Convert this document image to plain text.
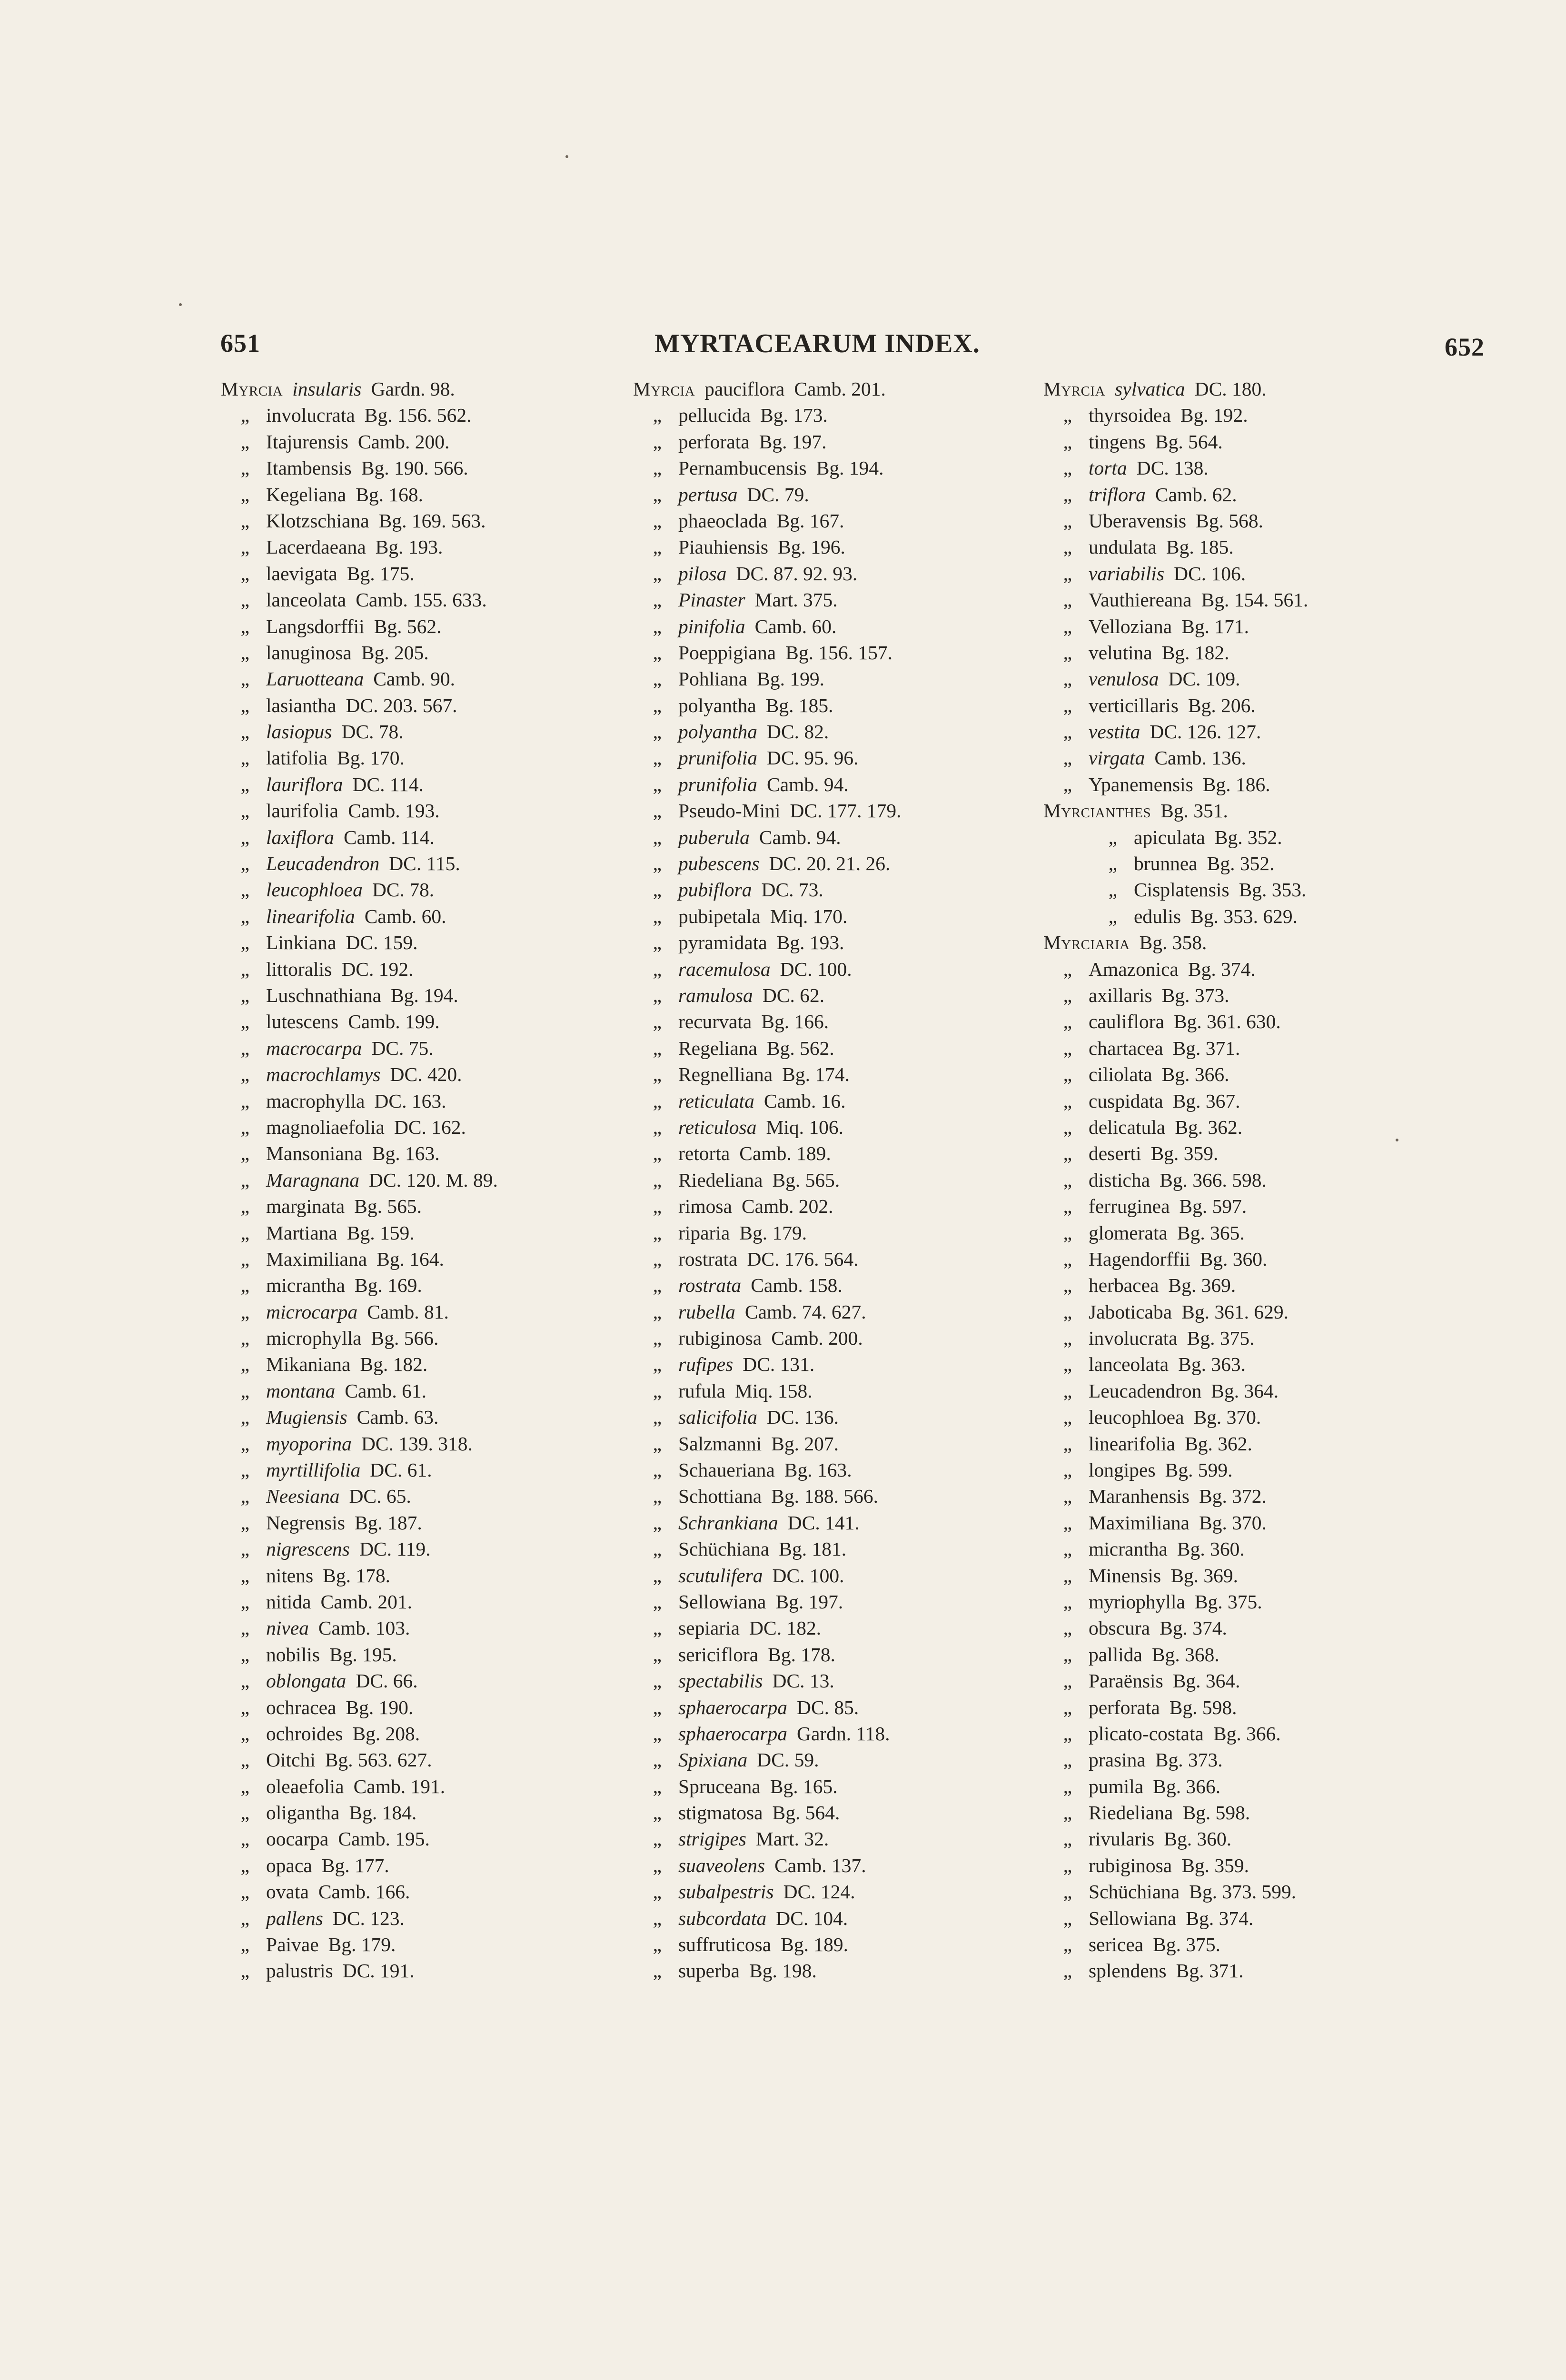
651	MYRTACEARUM INDEX.	652
Myrcia insularis Gardn. 98.
„ involucrata Bg. 156. 562.
„ Itajurensis Camb. 200.
„ Itambensis Bg. 190. 566.
„ Kegeliana Bg. 168.
„ Klotzschiana Bg. 169. 563.
„ Lacerdaeana Bg. 193.
„ laevigata Bg. 175.
„ lanceolata Camb. 155. 633.
„ Langsdorffii Bg. 562.
„ lanuginosa Bg. 205.
„ Laruotteana Camb. 90.
„ lasiantha DC. 203. 567.
„ lasiopus DC. 78.
„ latifolia Bg. 170.
„ lauriflora DC. 114.
„ laurifolia Camb. 193.
„ laxiflora Camb. 114.
„ Leucadendron DC. 115.
„ leucophloea DC. 78.
„ linearifolia Camb. 60.
„ Linkiana DC. 159.
„ littoralis DC. 192.
„ Luschnathiana Bg. 194.
„ lutescens Camb. 199.
„ macrocarpa DC. 75.
„ macrochlamys DC. 420.
„ macrophylla DC. 163.
„ magnoliaefolia DC. 162.
„ Mansoniana Bg. 163.
„ Maragnana DC. 120. M. 89.
„ marginata Bg. 565.
„ Martiana Bg. 159.
„ Maximiliana Bg. 164.
„ micrantha Bg. 169.
„ microcarpa Camb. 81.
„ microphylla Bg. 566.
„ Mikaniana Bg. 182.
„ montana Camb. 61.
„ Mugiensis Camb. 63.
„ myoporina DC. 139. 318.
„ myrtillifolia DC. 61.
„ Neesiana DC. 65.
„ Negrensis Bg. 187.
„ nigrescens DC. 119.
„ nitens Bg. 178.
„ nitida Camb. 201.
„ nivea Camb. 103.
„ nobilis Bg. 195.
„ oblongata DC. 66.
„ ochracea Bg. 190.
„ ochroides Bg. 208.
„ Oitchi Bg. 563. 627.
„ oleaefolia Camb. 191.
„ oligantha Bg. 184.
„ oocarpa Camb. 195.
„ opaca Bg. 177.
„ ovata Camb. 166.
„ pallens DC. 123.
„ Paivae Bg. 179.
„ palustris DC. 191.
Myrcia pauciflora Camb. 201.
„ pellucida Bg. 173.
„ perforata Bg. 197.
„ Pernambucensis Bg. 194.
„ pertusa DC. 79.
„ phaeoclada Bg. 167.
„ Piauhiensis Bg. 196.
„ pilosa DC. 87. 92. 93.
„ Pinaster Mart. 375.
„ pinifolia Camb. 60.
„ Poeppigiana Bg. 156. 157.
„ Pohliana Bg. 199.
„ polyantha Bg. 185.
„ polyantha DC. 82.
„ prunifolia DC. 95. 96.
„ prunifolia Camb. 94.
„ Pseudo-Mini DC. 177. 179.
„ puberula Camb. 94.
„ pubescens DC. 20. 21. 26.
„ pubiflora DC. 73.
„ pubipetala Miq. 170.
„ pyramidata Bg. 193.
„ racemulosa DC. 100.
„ ramulosa DC. 62.
„ recurvata Bg. 166.
„ Regeliana Bg. 562.
„ Regnelliana Bg. 174.
„ reticulata Camb. 16.
„ reticulosa Miq. 106.
„ retorta Camb. 189.
„ Riedeliana Bg. 565.
„ rimosa Camb. 202.
„ riparia Bg. 179.
„ rostrata DC. 176. 564.
„ rostrata Camb. 158.
„ rubella Camb. 74. 627.
„ rubiginosa Camb. 200.
„ rufipes DC. 131.
„ rufula Miq. 158.
„ salicifolia DC. 136.
„ Salzmanni Bg. 207.
„ Schaueriana Bg. 163.
„ Schottiana Bg. 188. 566.
„ Schrankiana DC. 141.
„ Schüchiana Bg. 181.
„ scutulifera DC. 100.
„ Sellowiana Bg. 197.
„ sepiaria DC. 182.
„ sericiflora Bg. 178.
„ spectabilis DC. 13.
„ sphaerocarpa DC. 85.
„ sphaerocarpa Gardn. 118.
„ Spixiana DC. 59.
„ Spruceana Bg. 165.
„ stigmatosa Bg. 564.
„ strigipes Mart. 32.
„ suaveolens Camb. 137.
„ subalpestris DC. 124.
„ subcordata DC. 104.
„ suffruticosa Bg. 189.
„ superba Bg. 198.
Myrcia sylvatica DC. 180.
„ thyrsoidea Bg. 192.
„ tingens Bg. 564.
„ torta DC. 138.
„ triflora Camb. 62.
„ Uberavensis Bg. 568.
„ undulata Bg. 185.
„ variabilis DC. 106.
„ Vauthiereana Bg. 154. 561.
„ Velloziana Bg. 171.
„ velutina Bg. 182.
„ venulosa DC. 109.
„ verticillaris Bg. 206.
„ vestita DC. 126. 127.
„ virgata Camb. 136.
„ Ypanemensis Bg. 186.
Myrcianthes Bg. 351.
„ apiculata Bg. 352.
„ brunnea Bg. 352.
„ Cisplatensis Bg. 353.
„ edulis Bg. 353. 629.
Myrciaria Bg. 358.
„ Amazonica Bg. 374.
„ axillaris Bg. 373.
„ cauliflora Bg. 361. 630.
„ chartacea Bg. 371.
„ ciliolata Bg. 366.
„ cuspidata Bg. 367.
„ delicatula Bg. 362.
„ deserti Bg. 359.
„ disticha Bg. 366. 598.
„ ferruginea Bg. 597.
„ glomerata Bg. 365.
„ Hagendorffii Bg. 360.
„ herbacea Bg. 369.
„ Jaboticaba Bg. 361. 629.
„ involucrata Bg. 375.
„ lanceolata Bg. 363.
„ Leucadendron Bg. 364.
„ leucophloea Bg. 370.
„ linearifolia Bg. 362.
„ longipes Bg. 599.
„ Maranhensis Bg. 372.
„ Maximiliana Bg. 370.
„ micrantha Bg. 360.
„ Minensis Bg. 369.
„ myriophylla Bg. 375.
„ obscura Bg. 374.
„ pallida Bg. 368.
„ Paraënsis Bg. 364.
„ perforata Bg. 598.
„ plicato-costata Bg. 366.
„ prasina Bg. 373.
„ pumila Bg. 366.
„ Riedeliana Bg. 598.
„ rivularis Bg. 360.
„ rubiginosa Bg. 359.
„ Schüchiana Bg. 373. 599.
„ Sellowiana Bg. 374.
„ sericea Bg. 375.
„ splendens Bg. 371.
